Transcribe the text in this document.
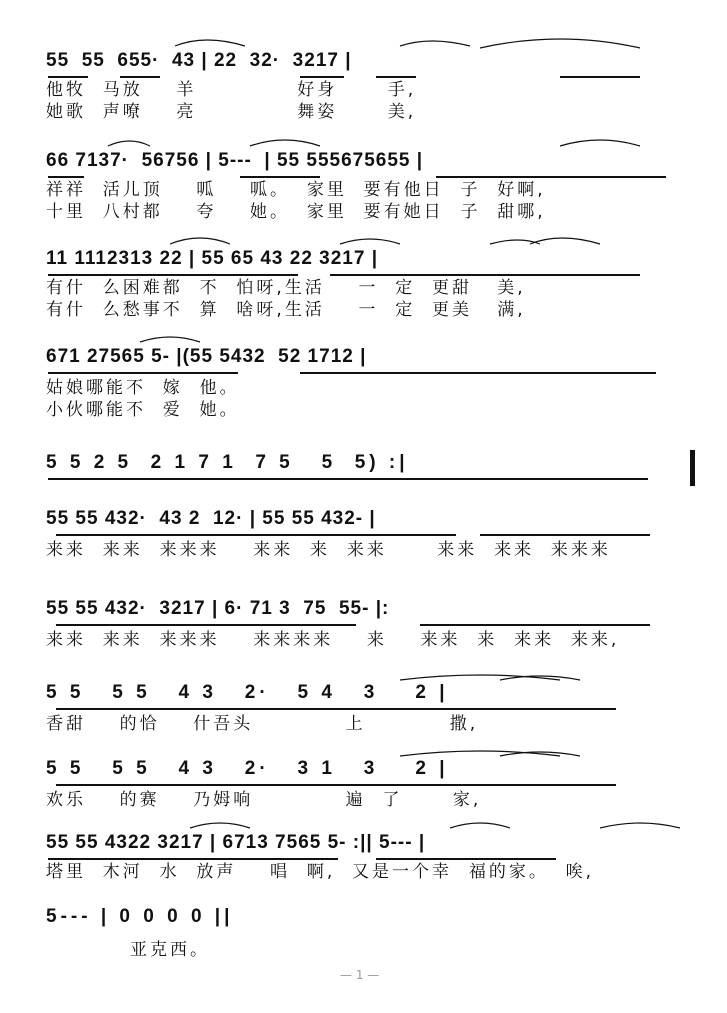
55  55  655·  43 | 22  32·  3217 |
他牧  马放    羊            好身      手,
她歌  声嘹    亮            舞姿      美,
66 7137·  56756 | 5---  | 55 555675655 |
祥祥  活儿顶    呱    呱。  家里  要有他日  子  好啊,
十里  八村都    夸    她。  家里  要有她日  子  甜哪,
11 1112313 22 | 55 65 43 22 3217 |
有什  么困难都  不  怕呀,生活    一  定  更甜   美,
有什  么愁事不  算  啥呀,生活    一  定  更美   满,
671 27565 5- |(55 5432  52 1712 |
姑娘哪能不  嫁  他。
小伙哪能不  爱  她。
5 5 2 5  2 1 7 1  7 5   5  5) :|
55 55 432·  43 2  12· | 55 55 432- |
来来  来来  来来来    来来  来  来来      来来  来来  来来来
55 55 432·  3217 | 6· 71 3  75  55- |:
来来  来来  来来来    来来来来    来    来来  来  来来  来来,
5 5   5 5   4 3   2·   5 4   3    2 |
香甜    的恰    什吾头           上          撒,
5 5   5 5   4 3   2·   3 1   3    2 |
欢乐    的赛    乃姆响           遍  了      家,
55 55 4322 3217 | 6713 7565 5- :|| 5--- |
塔里  木河  水  放声    唱  啊,  又是一个幸  福的家。  唉,
5--- | 0 0 0 0 ||
亚克西。
— 1 —
